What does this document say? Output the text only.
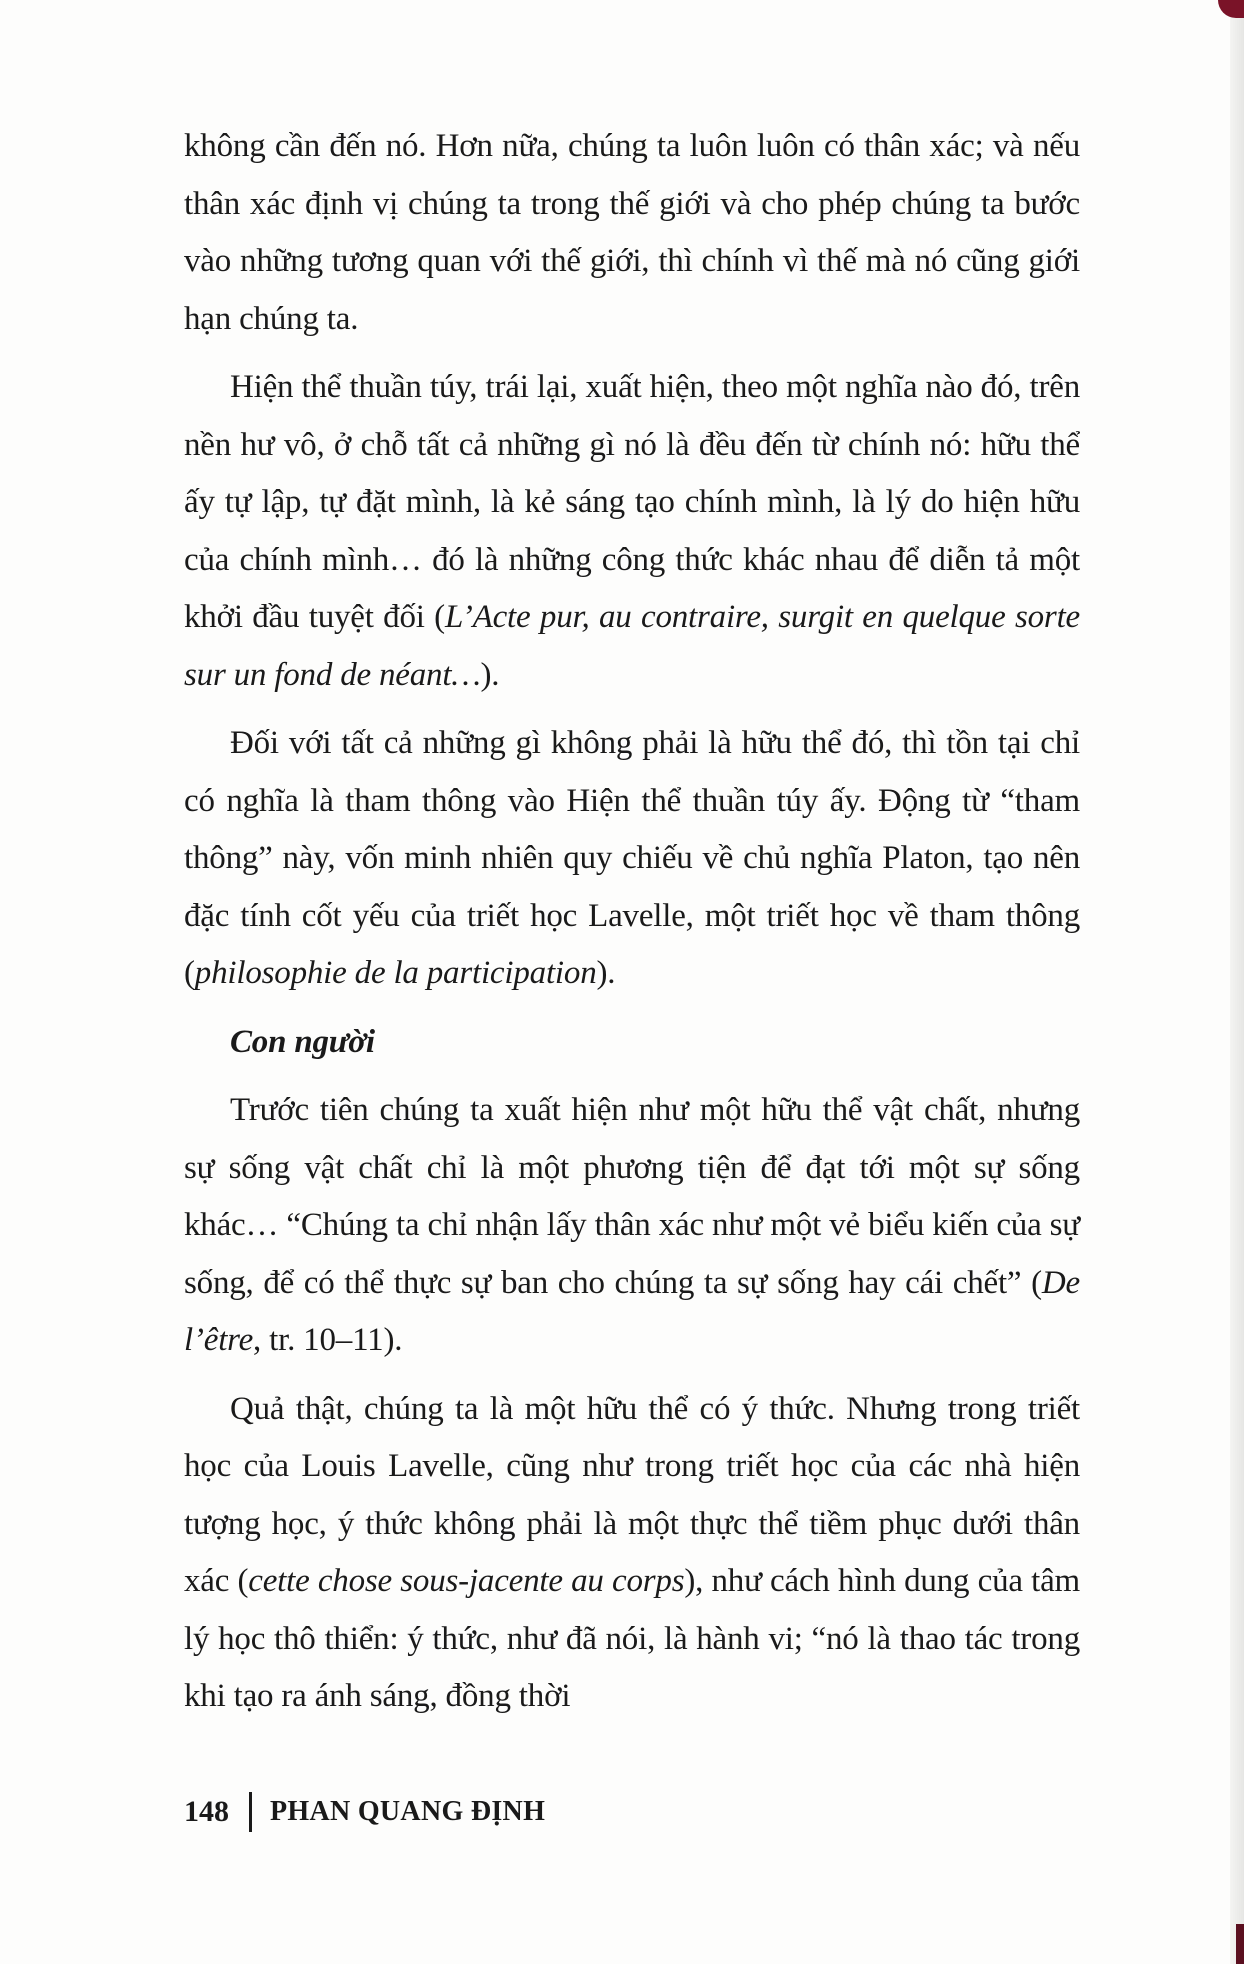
không cần đến nó. Hơn nữa, chúng ta luôn luôn có thân xác; và nếu thân xác định vị chúng ta trong thế giới và cho phép chúng ta bước vào những tương quan với thế giới, thì chính vì thế mà nó cũng giới hạn chúng ta.

Hiện thể thuần túy, trái lại, xuất hiện, theo một nghĩa nào đó, trên nền hư vô, ở chỗ tất cả những gì nó là đều đến từ chính nó: hữu thể ấy tự lập, tự đặt mình, là kẻ sáng tạo chính mình, là lý do hiện hữu của chính mình… đó là những công thức khác nhau để diễn tả một khởi đầu tuyệt đối (L’Acte pur, au contraire, surgit en quelque sorte sur un fond de néant…).

Đối với tất cả những gì không phải là hữu thể đó, thì tồn tại chỉ có nghĩa là tham thông vào Hiện thể thuần túy ấy. Động từ “tham thông” này, vốn minh nhiên quy chiếu về chủ nghĩa Platon, tạo nên đặc tính cốt yếu của triết học Lavelle, một triết học về tham thông (philosophie de la participation).

Con người

Trước tiên chúng ta xuất hiện như một hữu thể vật chất, nhưng sự sống vật chất chỉ là một phương tiện để đạt tới một sự sống khác… “Chúng ta chỉ nhận lấy thân xác như một vẻ biểu kiến của sự sống, để có thể thực sự ban cho chúng ta sự sống hay cái chết” (De l’être, tr. 10–11).

Quả thật, chúng ta là một hữu thể có ý thức. Nhưng trong triết học của Louis Lavelle, cũng như trong triết học của các nhà hiện tượng học, ý thức không phải là một thực thể tiềm phục dưới thân xác (cette chose sous-jacente au corps), như cách hình dung của tâm lý học thô thiển: ý thức, như đã nói, là hành vi; “nó là thao tác trong khi tạo ra ánh sáng, đồng thời

148 PHAN QUANG ĐỊNH
